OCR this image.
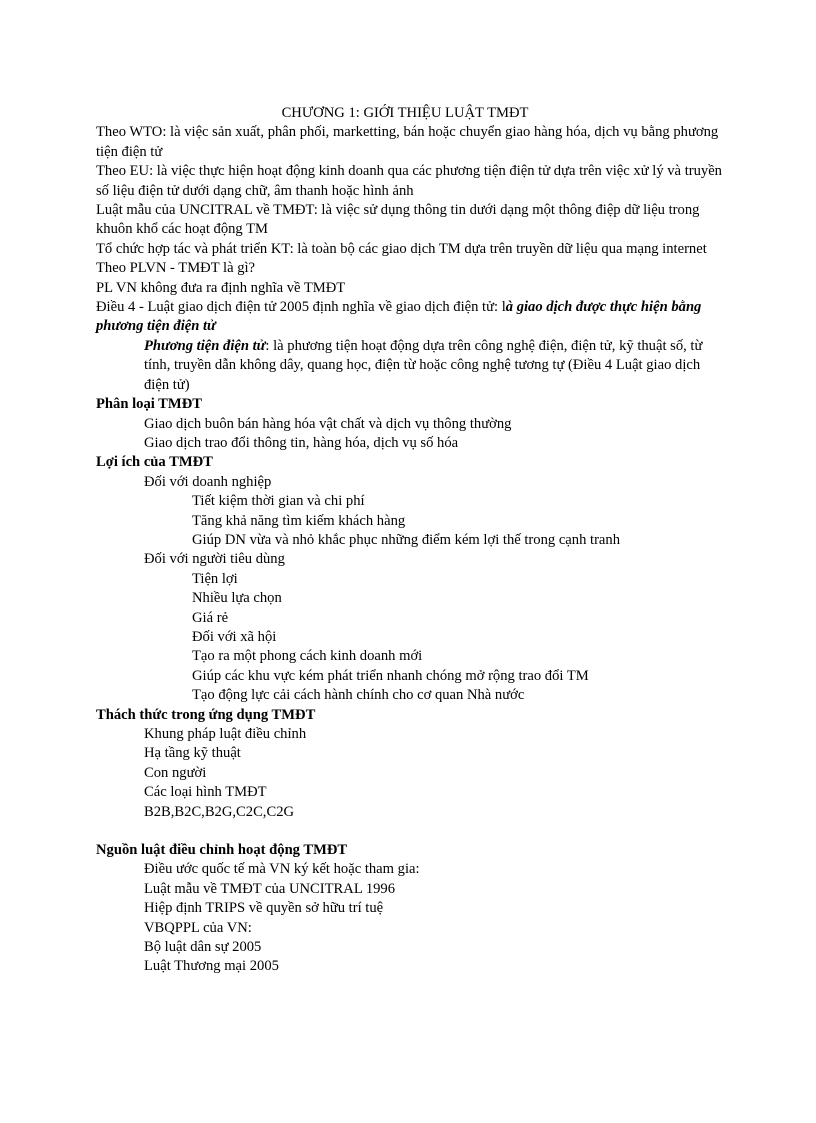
CHƯƠNG 1: GIỚI THIỆU LUẬT TMĐT
Theo WTO: là việc sản xuất, phân phối, marketting, bán hoặc chuyển giao hàng hóa, dịch vụ bằng phương tiện điện tử
Theo EU: là việc thực hiện hoạt động kinh doanh qua các phương tiện điện tử dựa trên việc xử lý và truyền số liệu điện tử dưới dạng chữ, âm thanh hoặc hình ảnh
Luật mẫu của UNCITRAL về TMĐT: là việc sử dụng thông tin dưới dạng một thông điệp dữ liệu trong khuôn khổ các hoạt động TM
Tổ chức hợp tác và phát triển KT: là toàn bộ các giao dịch TM dựa trên truyền dữ liệu qua mạng internet
Theo PLVN - TMĐT là gì?
PL VN không đưa ra định nghĩa về TMĐT
Điều 4 - Luật giao dịch điện tử 2005 định nghĩa về giao dịch điện tử: là giao dịch được thực hiện bằng phương tiện điện tử
Phương tiện điện tử: là phương tiện hoạt động dựa trên công nghệ điện, điện tử, kỹ thuật số, từ tính, truyền dẫn không dây, quang học, điện từ hoặc công nghệ tương tự (Điều 4 Luật giao dịch điện tử)
Phân loại TMĐT
Giao dịch buôn bán hàng hóa vật chất và dịch vụ thông thường
Giao dịch trao đổi thông tin, hàng hóa, dịch vụ số hóa
Lợi ích của TMĐT
Đối với doanh nghiệp
Tiết kiệm thời gian và chi phí
Tăng khả năng tìm kiếm khách hàng
Giúp DN vừa và nhỏ khắc phục những điểm kém lợi thế trong cạnh tranh
Đối với người tiêu dùng
Tiện lợi
Nhiều lựa chọn
Giá rẻ
Đối với xã hội
Tạo ra một phong cách kinh doanh mới
Giúp các khu vực kém phát triển nhanh chóng mở rộng trao đổi TM
Tạo động lực cải cách hành chính cho cơ quan Nhà nước
Thách thức trong ứng dụng TMĐT
Khung pháp luật điều chỉnh
Hạ tầng kỹ thuật
Con người
Các loại hình TMĐT
B2B,B2C,B2G,C2C,C2G
Nguồn luật điều chỉnh hoạt động TMĐT
Điều ước quốc tế mà VN ký kết hoặc tham gia:
Luật mẫu về TMĐT của UNCITRAL 1996
Hiệp định TRIPS về quyền sở hữu trí tuệ
VBQPPL của VN:
Bộ luật dân sự 2005
Luật Thương mại 2005
